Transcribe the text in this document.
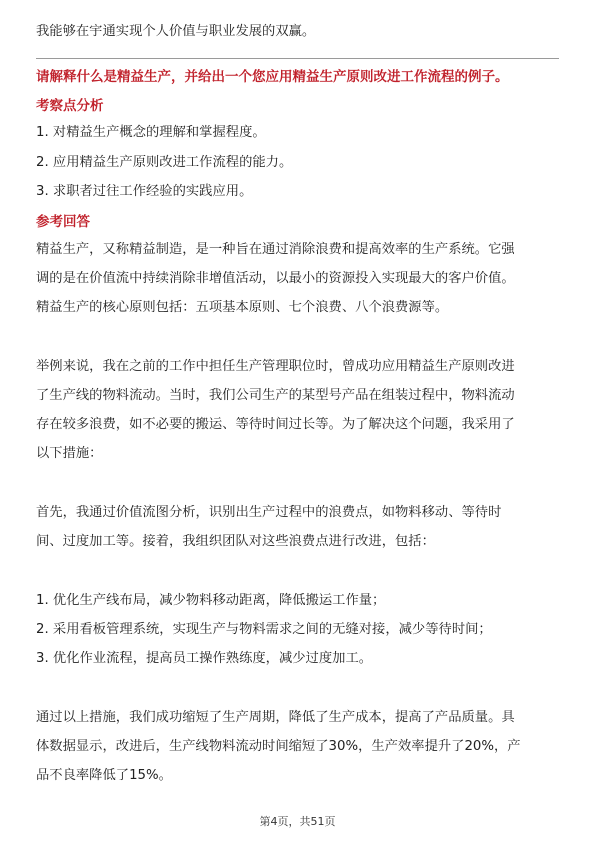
我能够在宇通实现个人价值与职业发展的双赢。
请解释什么是精益生产，并给出一个您应用精益生产原则改进工作流程的例子。
考察点分析
1. 对精益生产概念的理解和掌握程度。
2. 应用精益生产原则改进工作流程的能力。
3. 求职者过往工作经验的实践应用。
参考回答
精益生产，又称精益制造，是一种旨在通过消除浪费和提高效率的生产系统。它强
调的是在价值流中持续消除非增值活动，以最小的资源投入实现最大的客户价值。
精益生产的核心原则包括：五项基本原则、七个浪费、八个浪费源等。
举例来说，我在之前的工作中担任生产管理职位时，曾成功应用精益生产原则改进
了生产线的物料流动。当时，我们公司生产的某型号产品在组装过程中，物料流动
存在较多浪费，如不必要的搬运、等待时间过长等。为了解决这个问题，我采用了
以下措施：
首先，我通过价值流图分析，识别出生产过程中的浪费点，如物料移动、等待时
间、过度加工等。接着，我组织团队对这些浪费点进行改进，包括：
1. 优化生产线布局，减少物料移动距离，降低搬运工作量；
2. 采用看板管理系统，实现生产与物料需求之间的无缝对接，减少等待时间；
3. 优化作业流程，提高员工操作熟练度，减少过度加工。
通过以上措施，我们成功缩短了生产周期，降低了生产成本，提高了产品质量。具
体数据显示，改进后，生产线物料流动时间缩短了30%，生产效率提升了20%，产
品不良率降低了15%。
第4页，共51页
